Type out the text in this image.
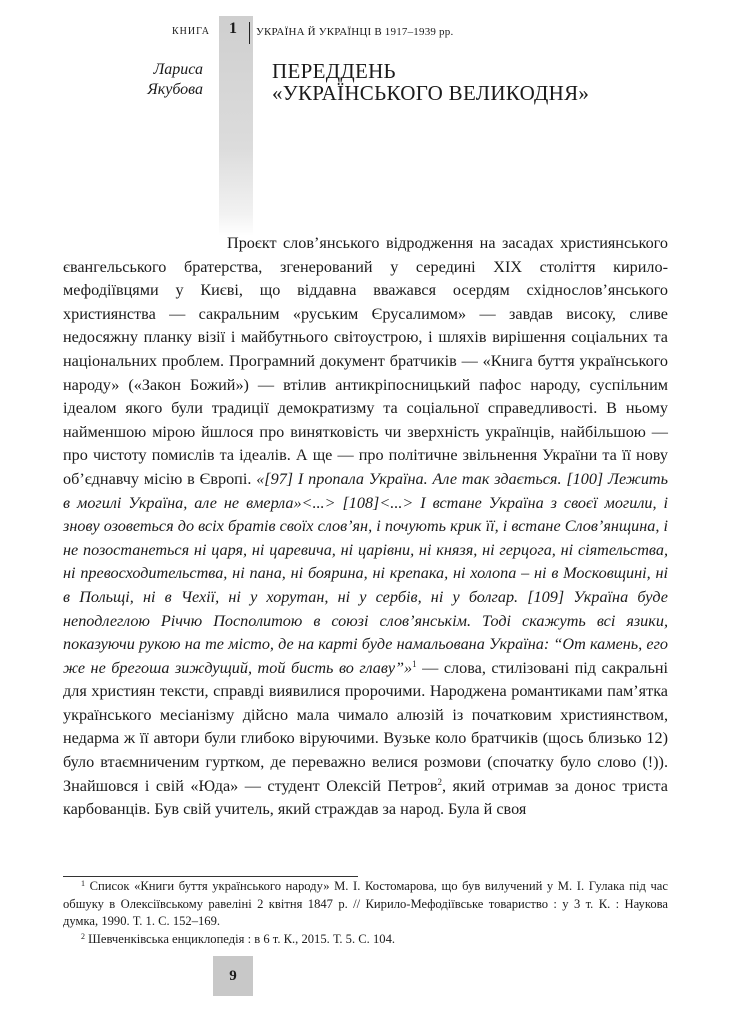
КНИГА 1 УКРАЇНА Й УКРАЇНЦІ В 1917–1939 рр.
Лариса
Якубова
ПЕРЕДДЕНЬ
«УКРАЇНСЬКОГО ВЕЛИКОДНЯ»

Проєкт слов’янського відродження на засадах християнського євангельського братерства, згенерований у середині XIX століття кирило-мефодіївцями у Києві, що віддавна вважався осердям східнослов’янського християнства — сакральним «руським Єрусалимом» — завдав високу, сливе недосяжну планку візії і майбутнього світоустрою, і шляхів вирішення соціальних та національних проблем. Програмний документ братчиків — «Книга буття українського народу» («Закон Божий») — втілив антикріпосницький пафос народу, суспільним ідеалом якого були традиції демократизму та соціальної справедливості. В ньому найменшою мірою йшлося про винятковість чи зверхність українців, найбільшою — про чистоту помислів та ідеалів. А ще — про політичне звільнення України та її нову об’єднавчу місію в Європі. «[97] І пропала Україна. Але так здається. [100] Лежить в могилі Україна, але не вмерла»<...> [108]<...> І встане Україна з своєї могили, і знову озоветься до всіх братів своїх слов’ян, і почують крик її, і встане Слов’янщина, і не позостанеться ні царя, ні царевича, ні царівни, ні князя, ні герцога, ні сіятельства, ні превосходительства, ні пана, ні боярина, ні крепака, ні холопа – ні в Московщині, ні в Польщі, ні в Чехії, ні у хорутан, ні у сербів, ні у болгар. [109] Україна буде неподлеглою Річчю Посполитою в союзі слов’янськім. Тоді скажуть всі язики, показуючи рукою на те місто, де на карті буде намальована Україна: “От камень, его же не брегоша зиждущий, той бисть во главу”»$^1$ — слова, стилізовані під сакральні для християн тексти, справді виявилися пророчими. Народжена романтиками пам’ятка українського месіанізму дійсно мала чимало алюзій із початковим християнством, недарма ж її автори були глибоко віруючими. Вузьке коло братчиків (щось близько 12) було втаємниченим гуртком, де переважно велися розмови (спочатку було слово (!)). Знайшовся і свій «Юда» — студент Олексій Петров$^2$, який отримав за донос триста карбованців. Був свій учитель, який страждав за народ. Була й своя

$^1$ Список «Книги буття українського народу» М. І. Костомарова, що був вилучений у М. І. Гулака під час обшуку в Олексіївському равеліні 2 квітня 1847 р. // Кирило-Мефодіївське товариство : у 3 т. К. : Наукова думка, 1990. Т. 1. С. 152–169.

$^2$ Шевченківська енциклопедія : в 6 т. К., 2015. Т. 5. С. 104.

9
